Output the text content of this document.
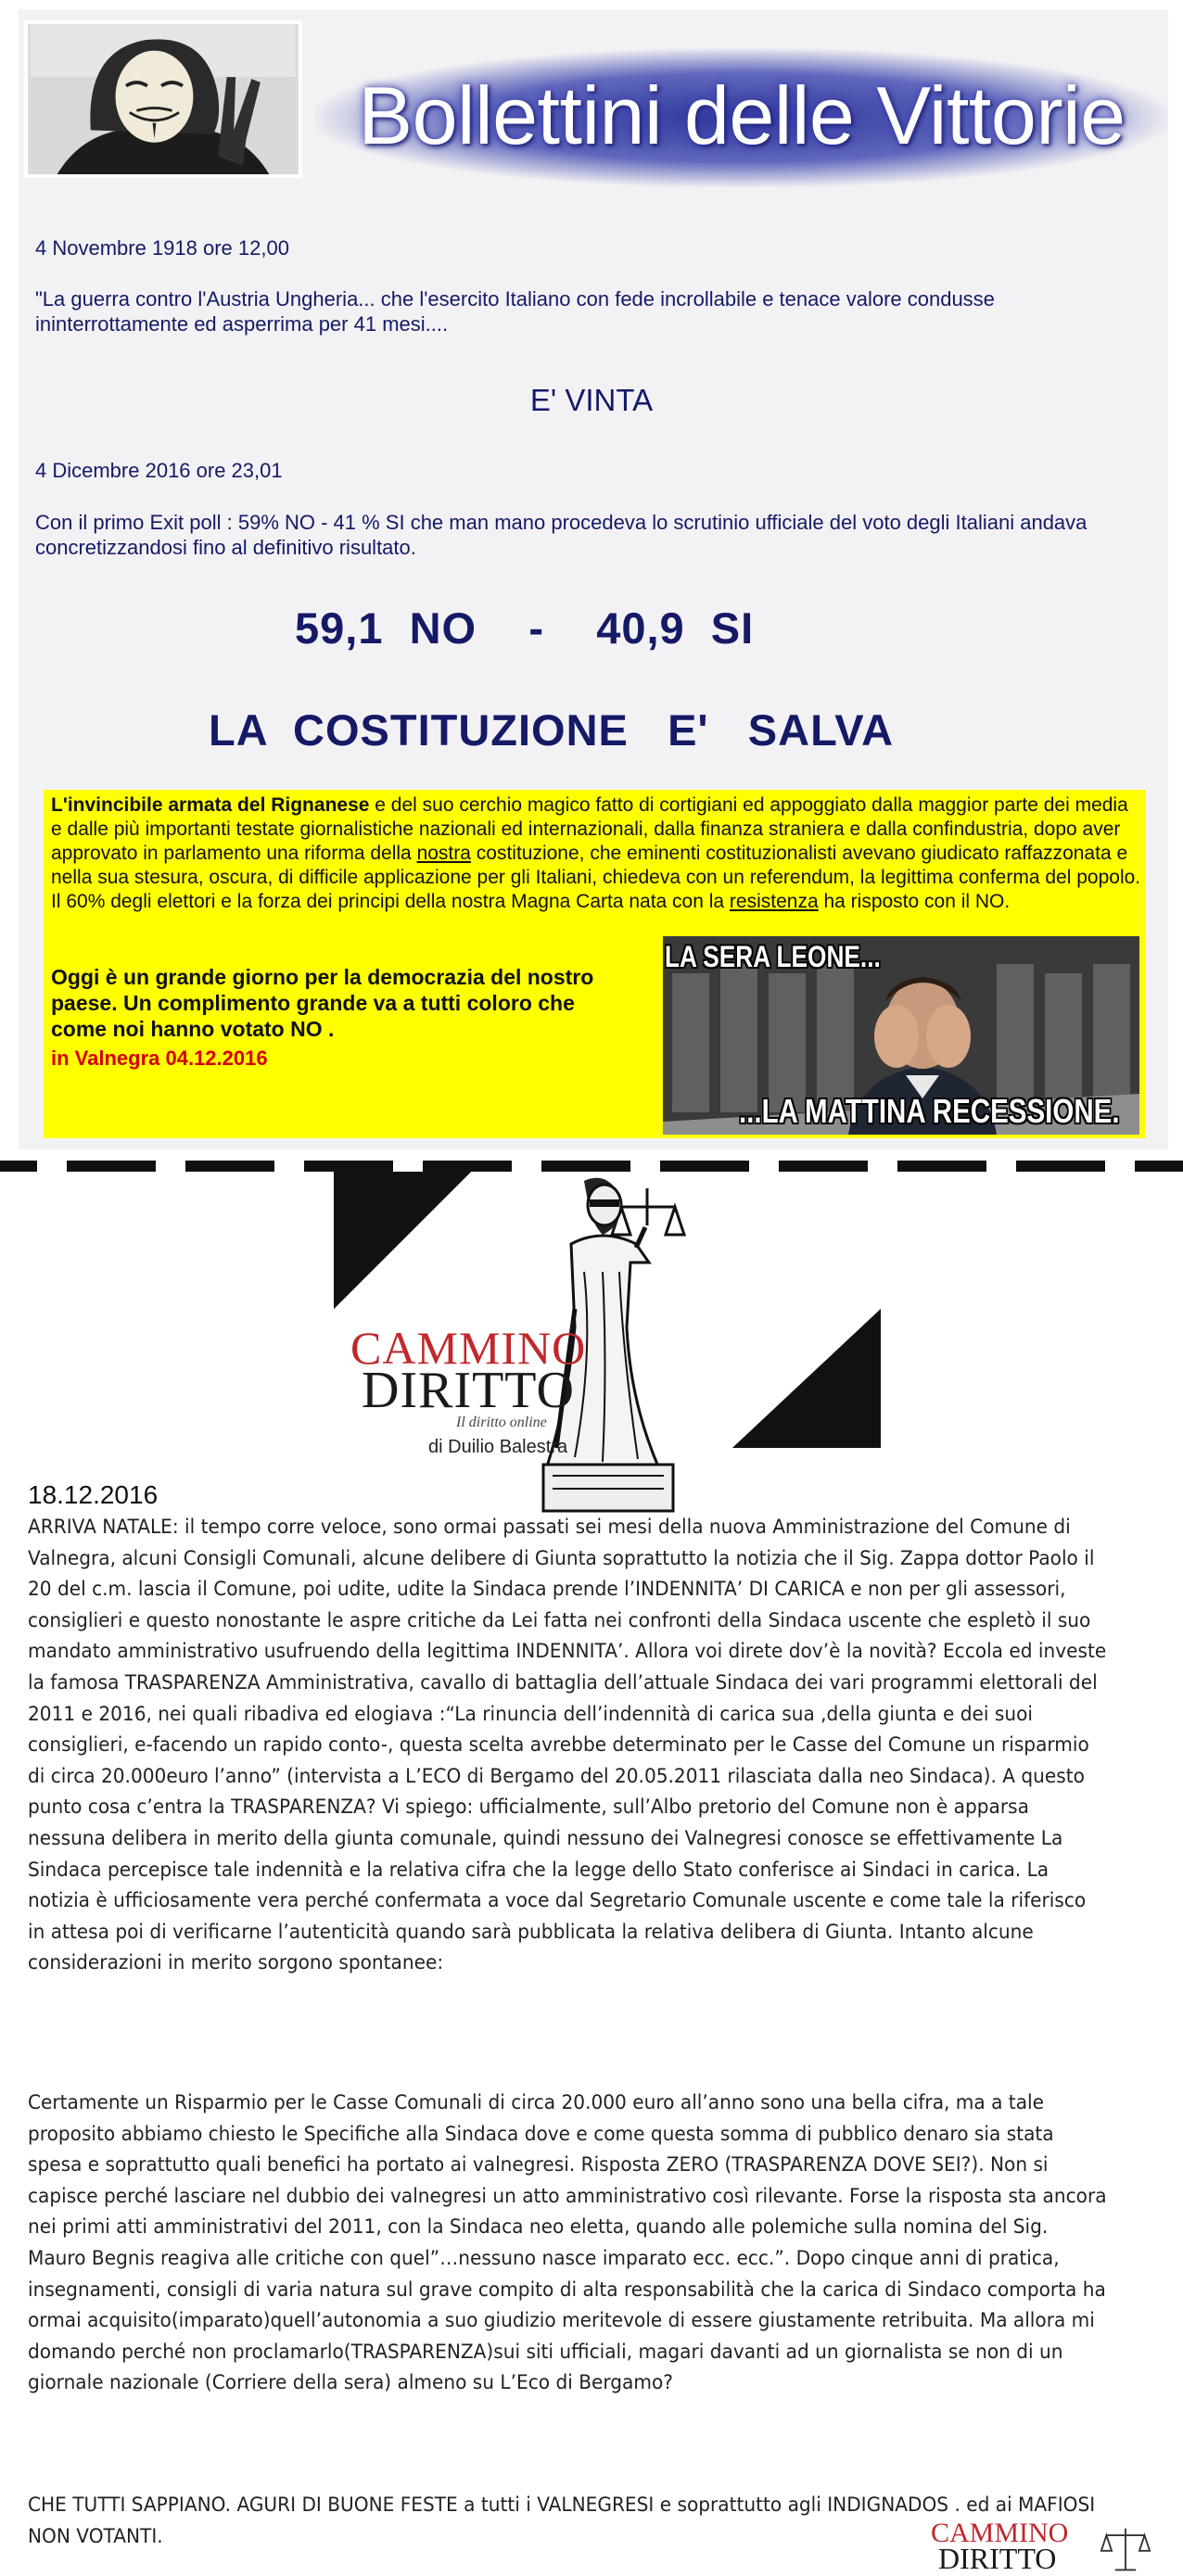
Bollettini delle Vittorie
4 Novembre 1918 ore 12,00
"La guerra contro l'Austria Ungheria... che l'esercito Italiano con fede incrollabile e tenace valore condusse ininterrottamente ed asperrima per 41 mesi....
E' VINTA
4 Dicembre 2016 ore 23,01
Con il primo Exit poll : 59% NO - 41 % SI che man mano procedeva lo scrutinio ufficiale del voto degli Italiani andava concretizzandosi fino al definitivo risultato.
59,1  NO    -    40,9  SI
LA  COSTITUZIONE   E'   SALVA
L'invincibile armata del Rignanese e del suo cerchio magico fatto di cortigiani ed appoggiato dalla maggior parte dei media e dalle più importanti testate giornalistiche nazionali ed internazionali, dalla finanza straniera e dalla confindustria, dopo aver approvato in parlamento una riforma della nostra costituzione, che eminenti costituzionalisti avevano giudicato raffazzonata e nella sua stesura, oscura, di difficile applicazione per gli Italiani, chiedeva con un referendum, la legittima conferma del popolo.
Il 60% degli elettori e la forza dei principi della nostra Magna Carta nata con la resistenza ha risposto con il NO.
Oggi è un grande giorno per la democrazia del nostro paese. Un complimento grande va a tutti coloro che come noi hanno votato NO .
in Valnegra 04.12.2016
LA SERA LEONE...
...LA MATTINA RECESSIONE.
CAMMINO
DIRITTO
Il diritto online
di Duilio Balestra
18.12.2016
ARRIVA NATALE: il tempo corre veloce, sono ormai passati sei mesi della nuova Amministrazione del Comune di Valnegra, alcuni Consigli Comunali, alcune delibere di Giunta soprattutto la notizia che il Sig. Zappa dottor Paolo il 20 del c.m. lascia il Comune, poi udite, udite la Sindaca prende l’INDENNITA’ DI CARICA e non per gli assessori, consiglieri e questo nonostante le aspre critiche da Lei fatta nei confronti della Sindaca uscente che espletò il suo mandato amministrativo usufruendo della legittima INDENNITA’. Allora voi direte dov’è la novità? Eccola ed investe la famosa TRASPARENZA Amministrativa, cavallo di battaglia dell’attuale Sindaca dei vari programmi elettorali del 2011 e 2016, nei quali ribadiva ed elogiava :“La rinuncia dell’indennità di carica sua ,della giunta e dei suoi consiglieri, e-facendo un rapido conto-, questa scelta avrebbe determinato per le Casse del Comune un risparmio di circa 20.000euro l’anno” (intervista a L’ECO di Bergamo del 20.05.2011 rilasciata dalla neo Sindaca). A questo punto cosa c’entra la TRASPARENZA? Vi spiego: ufficialmente, sull’Albo pretorio del Comune non è apparsa nessuna delibera in merito della giunta comunale, quindi nessuno dei Valnegresi conosce se effettivamente La Sindaca percepisce tale indennità e la relativa cifra che la legge dello Stato conferisce ai Sindaci in carica. La notizia è ufficiosamente vera perché confermata a voce dal Segretario Comunale uscente e come tale la riferisco in attesa poi di verificarne l’autenticità quando sarà pubblicata la relativa delibera di Giunta. Intanto alcune considerazioni in merito sorgono spontanee:
Certamente un Risparmio per le Casse Comunali di circa 20.000 euro all’anno sono una bella cifra, ma a tale proposito abbiamo chiesto le Specifiche alla Sindaca dove e come questa somma di pubblico denaro sia stata spesa e soprattutto quali benefici ha portato ai valnegresi. Risposta ZERO (TRASPARENZA DOVE SEI?). Non si capisce perché lasciare nel dubbio dei valnegresi un atto amministrativo così rilevante. Forse la risposta sta ancora nei primi atti amministrativi del 2011, con la Sindaca neo eletta, quando alle polemiche sulla nomina del Sig. Mauro Begnis reagiva alle critiche con quel”…nessuno nasce imparato ecc. ecc.”. Dopo cinque anni di pratica, insegnamenti, consigli di varia natura sul grave compito di alta responsabilità che la carica di Sindaco comporta ha ormai acquisito(imparato)quell’autonomia a suo giudizio meritevole di essere giustamente retribuita. Ma allora mi domando perché non proclamarlo(TRASPARENZA)sui siti ufficiali, magari davanti ad un giornalista se non di un giornale nazionale (Corriere della sera) almeno su L’Eco di Bergamo?
CHE TUTTI SAPPIANO. AGURI DI BUONE FESTE a tutti i VALNEGRESI e soprattutto agli INDIGNADOS . ed ai MAFIOSI NON VOTANTI.	CAMMINO
DIRITTO
